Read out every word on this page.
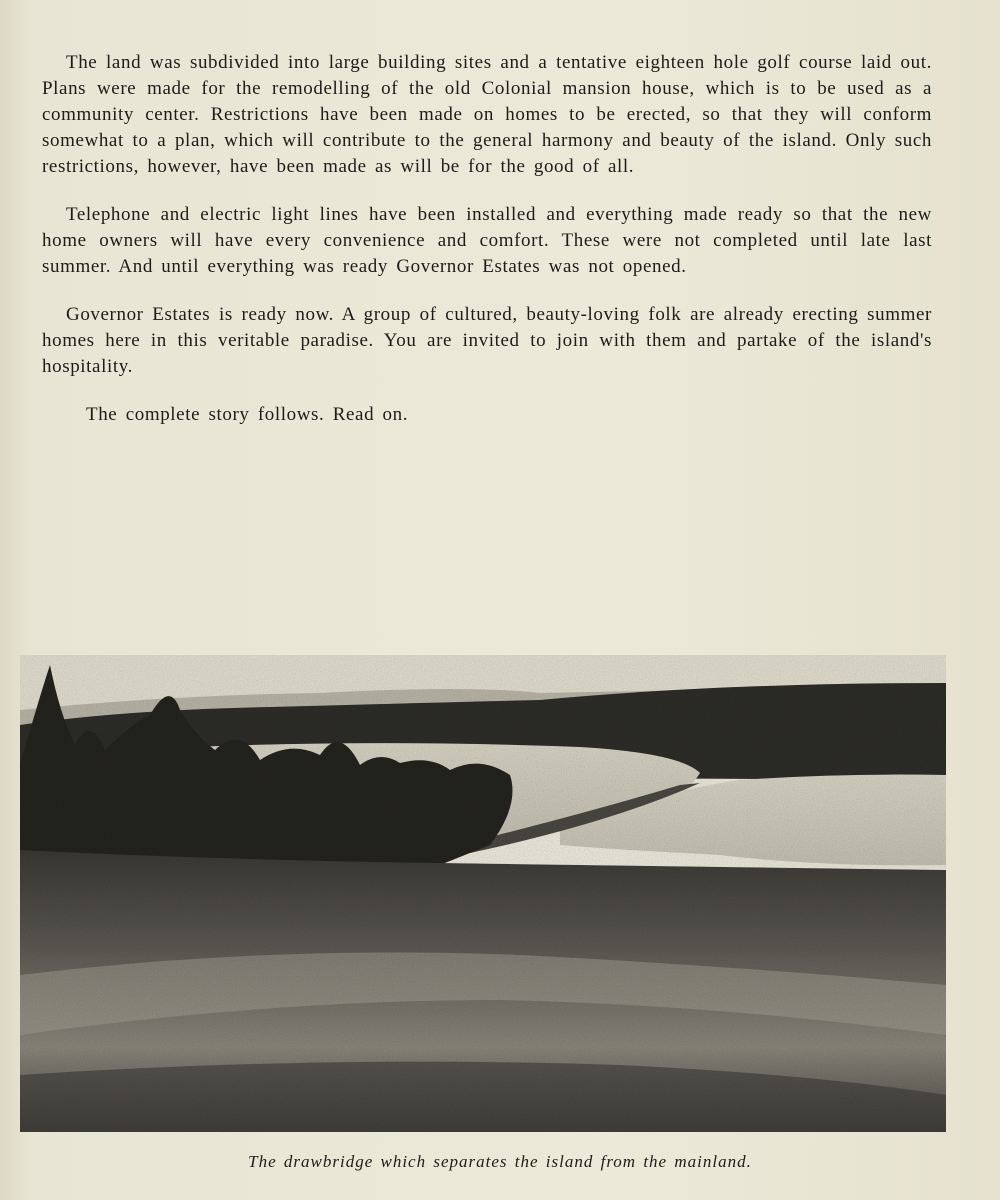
The land was subdivided into large building sites and a tentative eighteen hole golf course laid out. Plans were made for the remodelling of the old Colonial mansion house, which is to be used as a community center. Restrictions have been made on homes to be erected, so that they will conform somewhat to a plan, which will contribute to the general harmony and beauty of the island. Only such restrictions, however, have been made as will be for the good of all.

Telephone and electric light lines have been installed and everything made ready so that the new home owners will have every convenience and comfort. These were not completed until late last summer. And until everything was ready Governor Estates was not opened.

Governor Estates is ready now. A group of cultured, beauty-loving folk are already erecting summer homes here in this veritable paradise. You are invited to join with them and partake of the island's hospitality.

The complete story follows. Read on.

The drawbridge which separates the island from the mainland.
